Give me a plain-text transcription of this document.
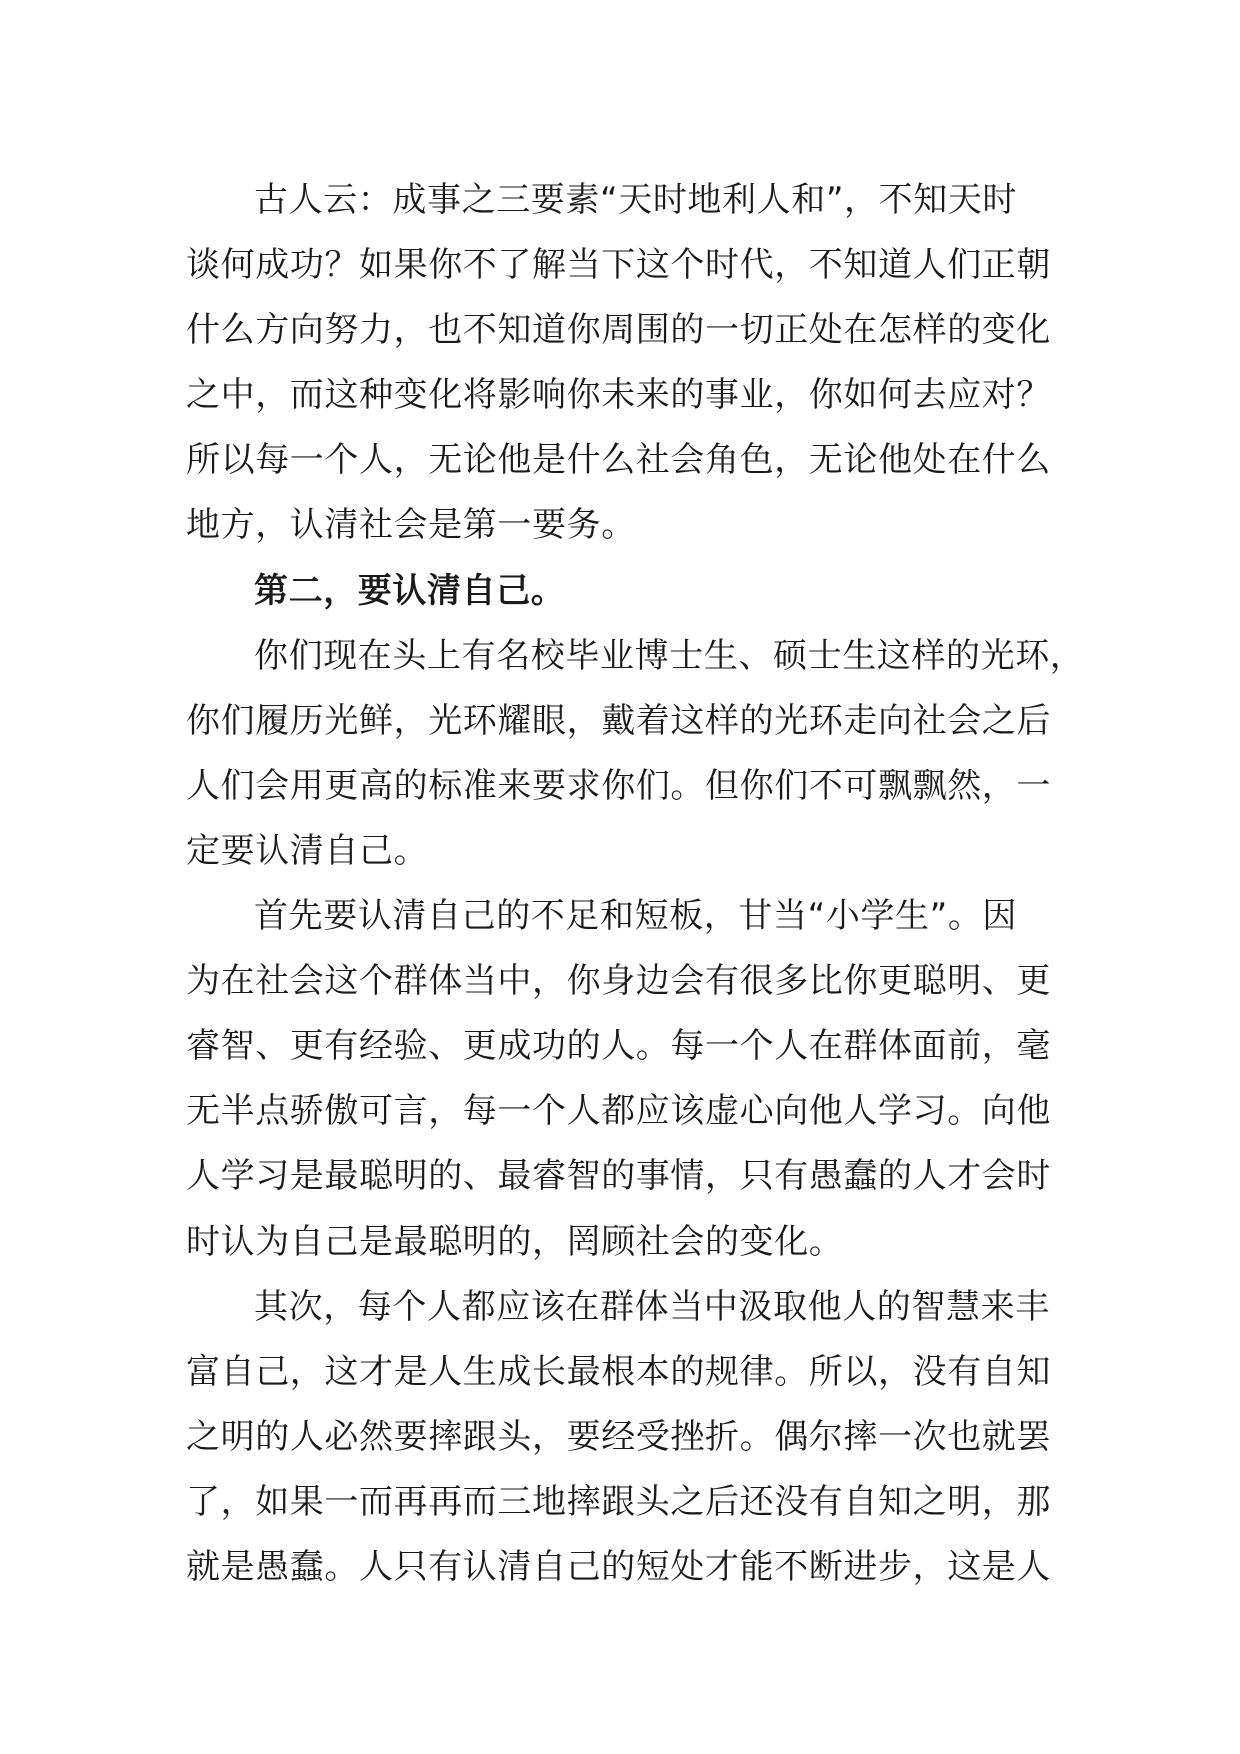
古人云：成事之三要素“天时地利人和”，不知天时
谈何成功？如果你不了解当下这个时代，不知道人们正朝
什么方向努力，也不知道你周围的一切正处在怎样的变化
之中，而这种变化将影响你未来的事业，你如何去应对？
所以每一个人，无论他是什么社会角色，无论他处在什么
地方，认清社会是第一要务。
第二，要认清自己。
你们现在头上有名校毕业博士生、硕士生这样的光环，
你们履历光鲜，光环耀眼，戴着这样的光环走向社会之后
人们会用更高的标准来要求你们。但你们不可飘飘然，一
定要认清自己。
首先要认清自己的不足和短板，甘当“小学生”。因
为在社会这个群体当中，你身边会有很多比你更聪明、更
睿智、更有经验、更成功的人。每一个人在群体面前，毫
无半点骄傲可言，每一个人都应该虚心向他人学习。向他
人学习是最聪明的、最睿智的事情，只有愚蠢的人才会时
时认为自己是最聪明的，罔顾社会的变化。
其次，每个人都应该在群体当中汲取他人的智慧来丰
富自己，这才是人生成长最根本的规律。所以，没有自知
之明的人必然要摔跟头，要经受挫折。偶尔摔一次也就罢
了，如果一而再再而三地摔跟头之后还没有自知之明，那
就是愚蠢。人只有认清自己的短处才能不断进步，这是人
